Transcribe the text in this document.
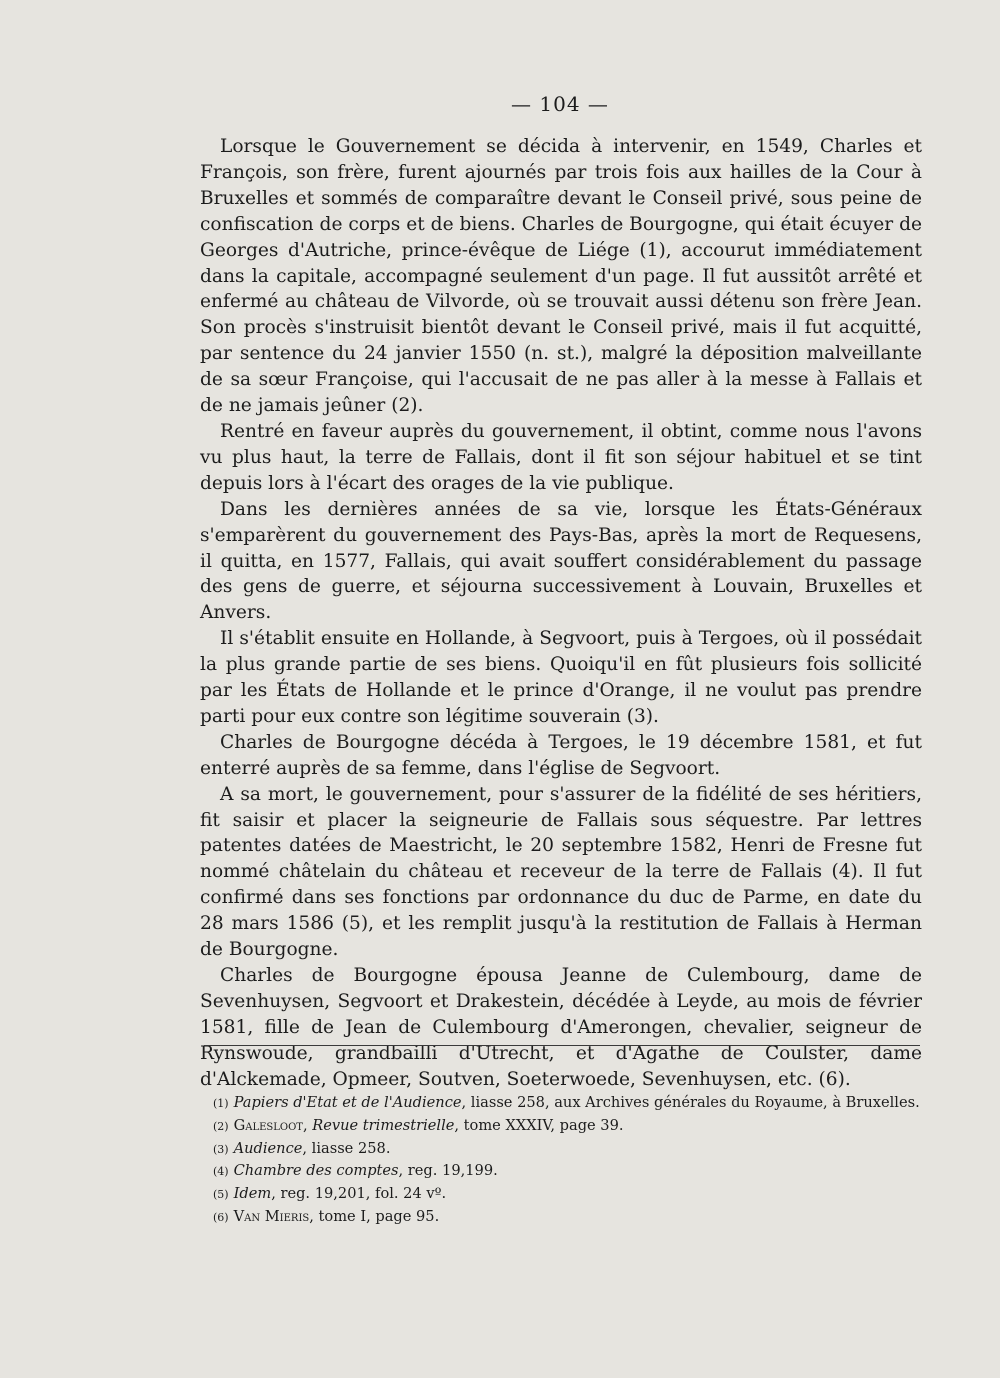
— 104 —

Lorsque le Gouvernement se décida à intervenir, en 1549, Charles et François, son frère, furent ajournés par trois fois aux hailles de la Cour à Bruxelles et sommés de comparaître devant le Conseil privé, sous peine de confiscation de corps et de biens. Charles de Bourgogne, qui était écuyer de Georges d'Autriche, prince-évêque de Liége (1), accourut immédiatement dans la capitale, accompagné seulement d'un page. Il fut aussitôt arrêté et enfermé au château de Vilvorde, où se trouvait aussi détenu son frère Jean. Son procès s'instruisit bientôt devant le Conseil privé, mais il fut acquitté, par sentence du 24 janvier 1550 (n. st.), malgré la déposition malveillante de sa sœur Françoise, qui l'accusait de ne pas aller à la messe à Fallais et de ne jamais jeûner (2).

Rentré en faveur auprès du gouvernement, il obtint, comme nous l'avons vu plus haut, la terre de Fallais, dont il fit son séjour habituel et se tint depuis lors à l'écart des orages de la vie publique.

Dans les dernières années de sa vie, lorsque les États-Généraux s'emparèrent du gouvernement des Pays-Bas, après la mort de Requesens, il quitta, en 1577, Fallais, qui avait souffert considérablement du passage des gens de guerre, et séjourna successivement à Louvain, Bruxelles et Anvers.

Il s'établit ensuite en Hollande, à Segvoort, puis à Tergoes, où il possédait la plus grande partie de ses biens. Quoiqu'il en fût plusieurs fois sollicité par les États de Hollande et le prince d'Orange, il ne voulut pas prendre parti pour eux contre son légitime souverain (3).

Charles de Bourgogne décéda à Tergoes, le 19 décembre 1581, et fut enterré auprès de sa femme, dans l'église de Segvoort.

A sa mort, le gouvernement, pour s'assurer de la fidélité de ses héritiers, fit saisir et placer la seigneurie de Fallais sous séquestre. Par lettres patentes datées de Maestricht, le 20 septembre 1582, Henri de Fresne fut nommé châtelain du château et receveur de la terre de Fallais (4). Il fut confirmé dans ses fonctions par ordonnance du duc de Parme, en date du 28 mars 1586 (5), et les remplit jusqu'à la restitution de Fallais à Herman de Bourgogne.

Charles de Bourgogne épousa Jeanne de Culembourg, dame de Sevenhuysen, Segvoort et Drakestein, décédée à Leyde, au mois de février 1581, fille de Jean de Culembourg d'Amerongen, chevalier, seigneur de Rynswoude, grandbailli d'Utrecht, et d'Agathe de Coulster, dame d'Alckemade, Opmeer, Soutven, Soeterwoede, Sevenhuysen, etc. (6).

(1) Papiers d'Etat et de l'Audience, liasse 258, aux Archives générales du Royaume, à Bruxelles.
(2) Galesloot, Revue trimestrielle, tome XXXIV, page 39.
(3) Audience, liasse 258.
(4) Chambre des comptes, reg. 19,199.
(5) Idem, reg. 19,201, fol. 24 vº.
(6) Van Mieris, tome I, page 95.
